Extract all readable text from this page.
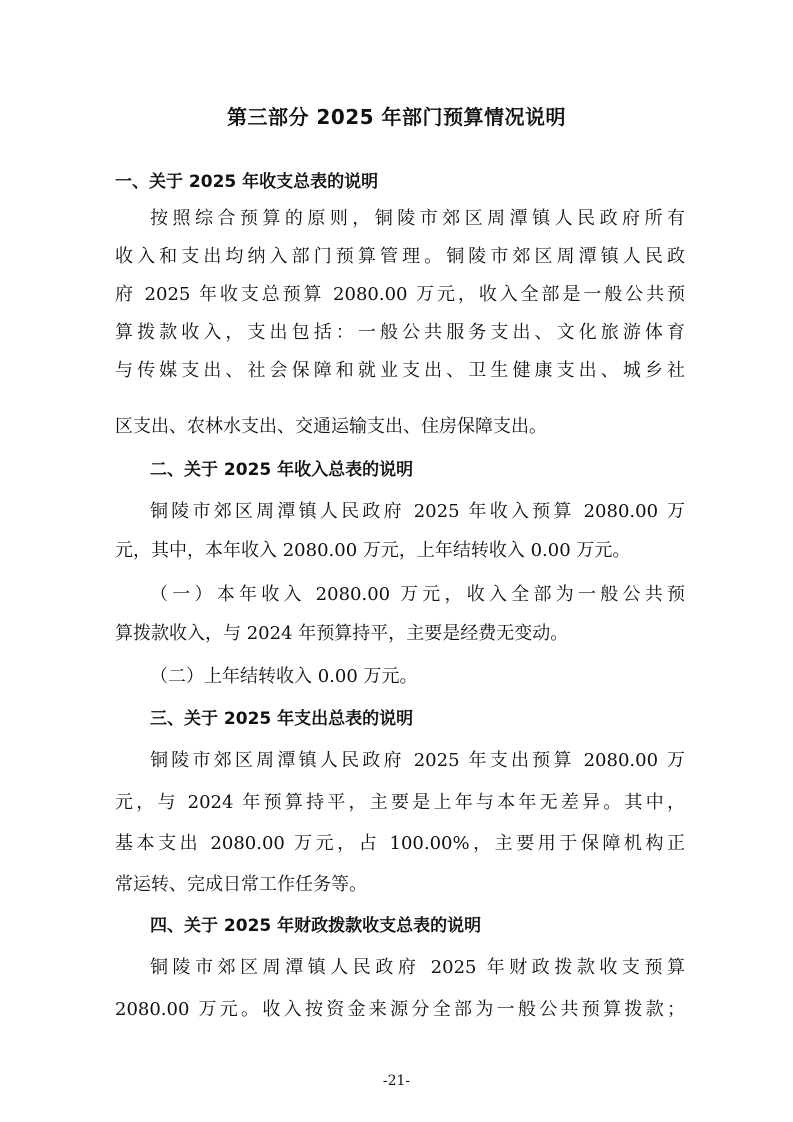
第三部分 2025 年部门预算情况说明
一、关于 2025 年收支总表的说明
按照综合预算的原则，铜陵市郊区周潭镇人民政府所有
收入和支出均纳入部门预算管理。铜陵市郊区周潭镇人民政
府 2025 年收支总预算 2080.00 万元，收入全部是一般公共预
算拨款收入，支出包括：一般公共服务支出、文化旅游体育
与传媒支出、社会保障和就业支出、卫生健康支出、城乡社
区支出、农林水支出、交通运输支出、住房保障支出。
二、关于 2025 年收入总表的说明
铜陵市郊区周潭镇人民政府 2025 年收入预算 2080.00 万
元，其中，本年收入 2080.00 万元，上年结转收入 0.00 万元。
（一）本年收入 2080.00 万元，收入全部为一般公共预
算拨款收入，与 2024 年预算持平，主要是经费无变动。
（二）上年结转收入 0.00 万元。
三、关于 2025 年支出总表的说明
铜陵市郊区周潭镇人民政府 2025 年支出预算 2080.00 万
元，与 2024 年预算持平，主要是上年与本年无差异。其中，
基本支出 2080.00 万元，占 100.00%，主要用于保障机构正
常运转、完成日常工作任务等。
四、关于 2025 年财政拨款收支总表的说明
铜陵市郊区周潭镇人民政府 2025 年财政拨款收支预算
2080.00 万元。收入按资金来源分全部为一般公共预算拨款；
-21-
